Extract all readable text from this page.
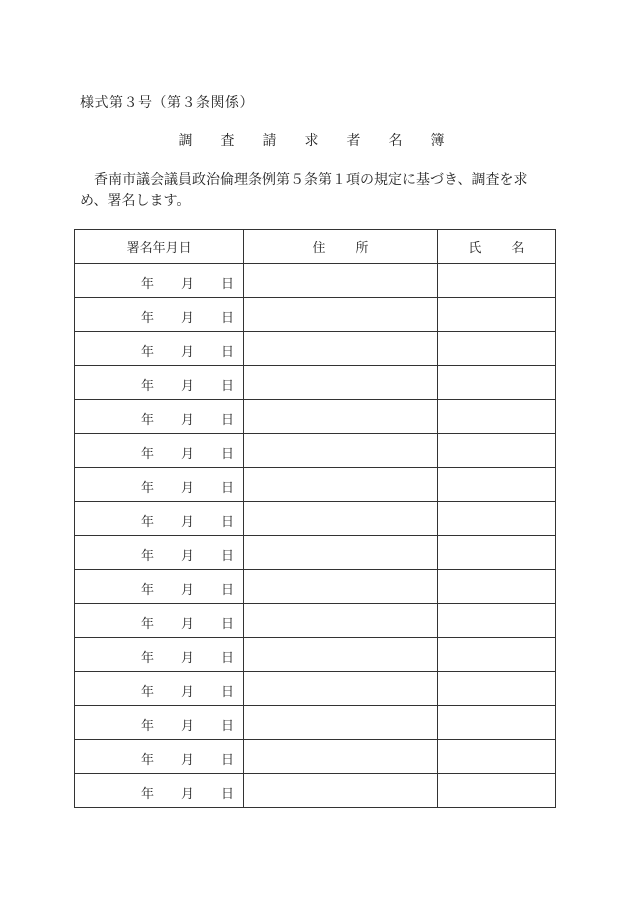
様式第３号（第３条関係）
調　査　請　求　者　名　簿
香南市議会議員政治倫理条例第５条第１項の規定に基づき、調査を求め、署名します。
署名年月日	住所	氏名

年 月 日		

年 月 日		

年 月 日		

年 月 日		

年 月 日		

年 月 日		

年 月 日		

年 月 日		

年 月 日		

年 月 日		

年 月 日		

年 月 日		

年 月 日		

年 月 日		

年 月 日		

年 月 日		
